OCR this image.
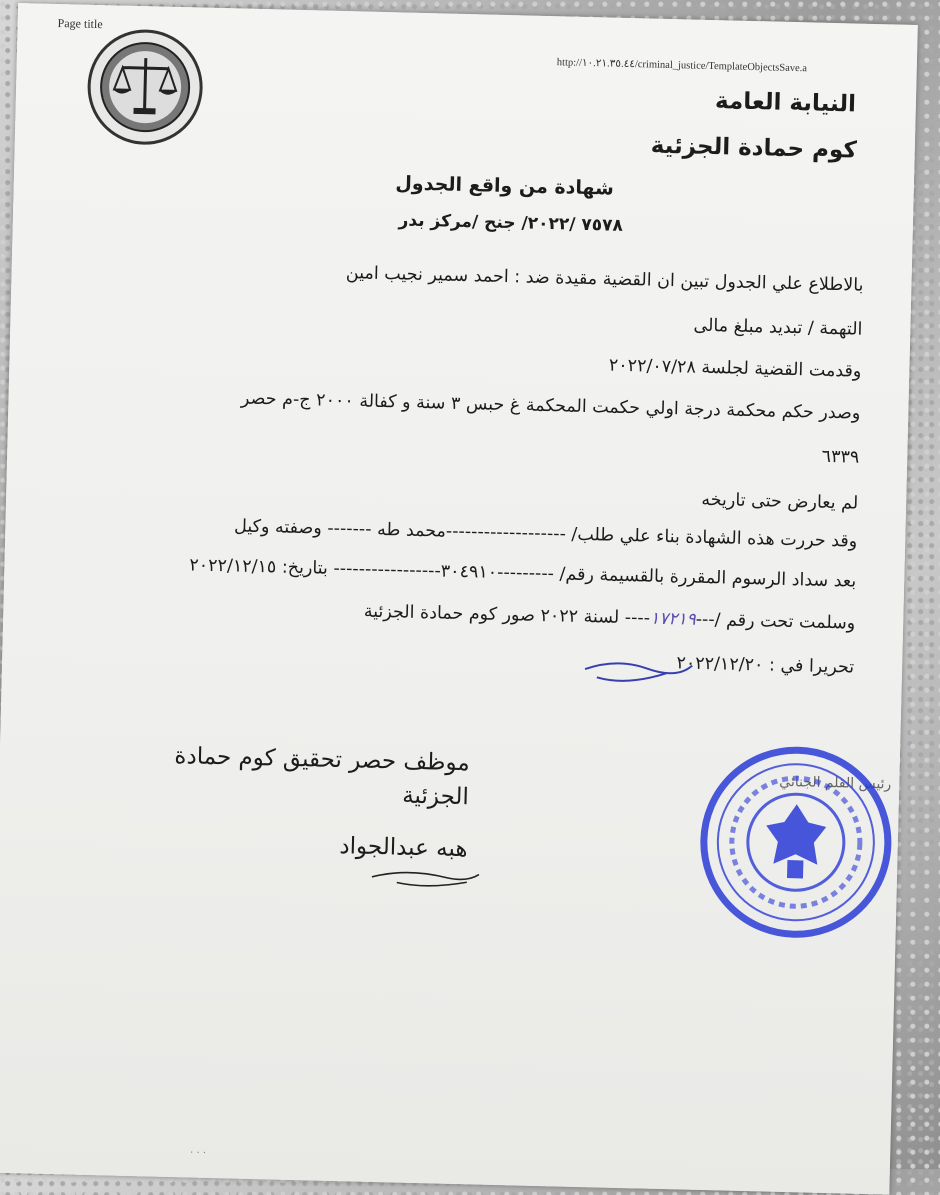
Page title
http://١٠.٢١.٣٥.٤٤/criminal_justice/TemplateObjectsSave.a
النيابة العامة
كوم حمادة الجزئية
شهادة من واقع الجدول
٧٥٧٨ /٢٠٢٢/ جنح /مركز بدر
بالاطلاع علي الجدول تبين ان القضية مقيدة ضد : احمد سمير نجيب امين
التهمة / تبديد مبلغ مالى
وقدمت القضية لجلسة ٢٠٢٢/٠٧/٢٨
وصدر حكم محكمة درجة اولي حكمت المحكمة غ حبس ٣ سنة و كفالة ٢٠٠٠ ج-م حصر
٦٣٣٩
لم يعارض حتى تاريخه
وقد حررت هذه الشهادة بناء علي طلب/ -------------------محمد طه ------- وصفته وكيل
بعد سداد الرسوم المقررة بالقسيمة رقم/ ---------٣٠٤٩١٠----------------- بتاريخ: ٢٠٢٢/١٢/١٥
وسلمت تحت رقم /---١٧٢١٩---- لسنة ٢٠٢٢ صور كوم حمادة الجزئية
تحريرا في : ٢٠٢٢/١٢/٢٠
موظف حصر تحقيق كوم حمادة
الجزئية
هبه عبدالجواد
رئيس القلم الجنائي
· · ·
